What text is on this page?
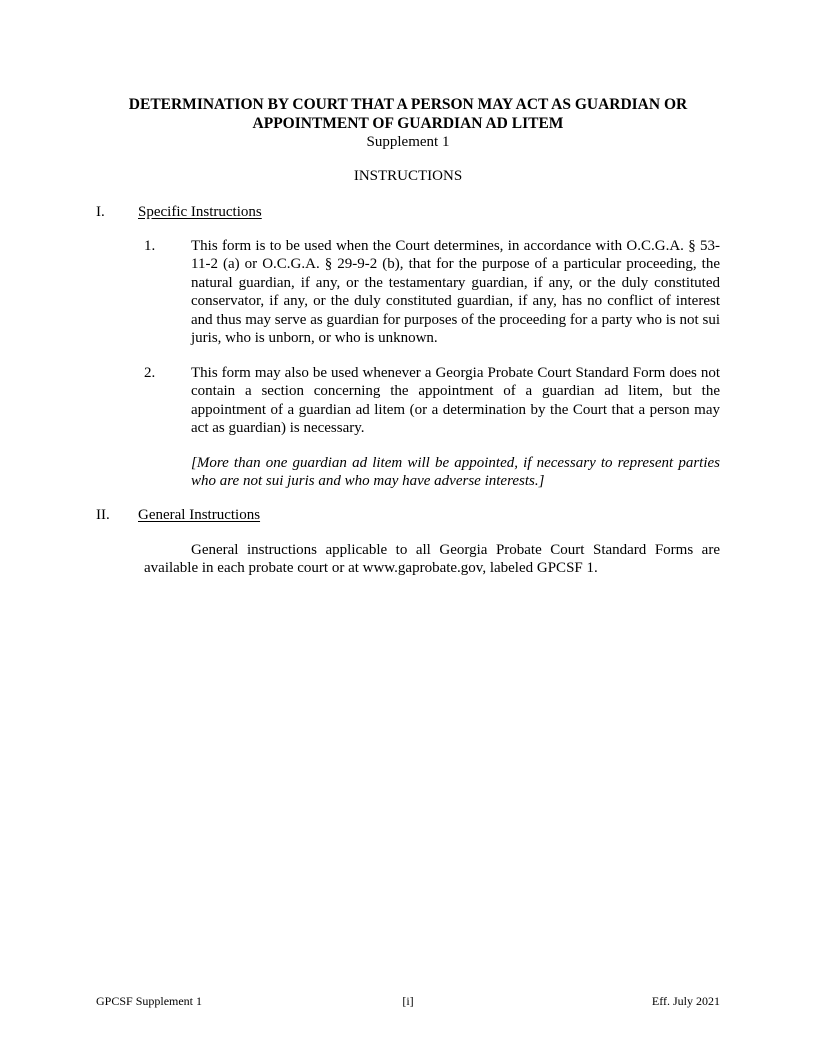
DETERMINATION BY COURT THAT A PERSON MAY ACT AS GUARDIAN OR
APPOINTMENT OF GUARDIAN AD LITEM
Supplement 1
INSTRUCTIONS
I. Specific Instructions
1. This form is to be used when the Court determines, in accordance with O.C.G.A. § 53-11-2 (a) or O.C.G.A. § 29-9-2 (b), that for the purpose of a particular proceeding, the natural guardian, if any, or the testamentary guardian, if any, or the duly constituted conservator, if any, or the duly constituted guardian, if any, has no conflict of interest and thus may serve as guardian for purposes of the proceeding for a party who is not sui juris, who is unborn, or who is unknown.
2. This form may also be used whenever a Georgia Probate Court Standard Form does not contain a section concerning the appointment of a guardian ad litem, but the appointment of a guardian ad litem (or a determination by the Court that a person may act as guardian) is necessary.
[More than one guardian ad litem will be appointed, if necessary to represent parties who are not sui juris and who may have adverse interests.]
II. General Instructions
General instructions applicable to all Georgia Probate Court Standard Forms are available in each probate court or at www.gaprobate.gov, labeled GPCSF 1.
GPCSF Supplement 1	[i]	Eff. July 2021
